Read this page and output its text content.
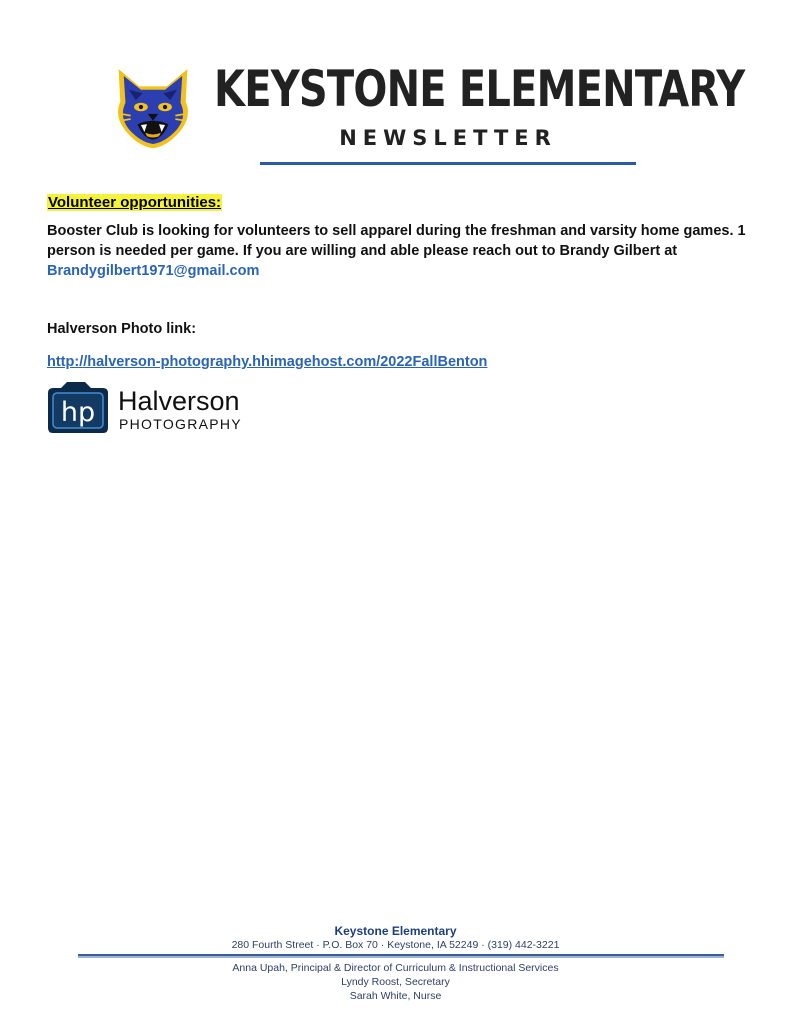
KEYSTONE ELEMENTARY
NEWSLETTER
Volunteer opportunities:
Booster Club is looking for volunteers to sell apparel during the freshman and varsity home games. 1 person is needed per game. If you are willing and able please reach out to Brandy Gilbert at
Brandygilbert1971@gmail.com
Halverson Photo link:
http://halverson-photography.hhimagehost.com/2022FallBenton
hp Halverson
PHOTOGRAPHY
Keystone Elementary
280 Fourth Street · P.O. Box 70 · Keystone, IA 52249 · (319) 442-3221
Anna Upah, Principal & Director of Curriculum & Instructional Services
Lyndy Roost, Secretary
Sarah White, Nurse
